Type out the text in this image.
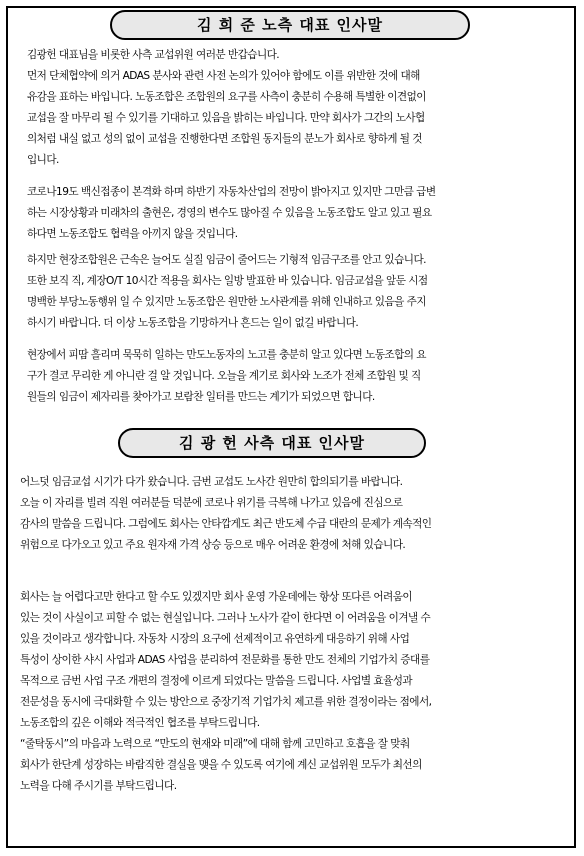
김 희 준 노측 대표 인사말
김광헌 대표님을 비롯한 사측 교섭위원 여러분 반갑습니다.
먼저 단체협약에 의거 ADAS 분사와 관련 사전 논의가 있어야 함에도 이를 위반한 것에 대해
유감을 표하는 바입니다. 노동조합은 조합원의 요구를 사측이 충분히 수용해 특별한 이견없이
교섭을 잘 마무리 될 수 있기를 기대하고 있음을 밝히는 바입니다. 만약 회사가 그간의 노사협
의처럼 내실 없고 성의 없이 교섭을 진행한다면 조합원 동지들의 분노가 회사로 향하게 될 것
입니다.
코로나19도 백신접종이 본격화 하며 하반기 자동차산업의 전망이 밝아지고 있지만 그만큼 급변
하는 시장상황과 미래차의 출현은, 경영의 변수도 많아질 수 있음을 노동조합도 알고 있고 필요
하다면 노동조합도 협력을 아끼지 않을 것입니다.
하지만 현장조합원은 근속은 늘어도 실질 임금이 줄어드는 기형적 임금구조를 안고 있습니다.
또한 보직 직, 계장O/T 10시간 적용을 회사는 일방 발표한 바 있습니다. 임금교섭을 앞둔 시점
명백한 부당노동행위 일 수 있지만 노동조합은 원만한 노사관계를 위해 인내하고 있음을 주지
하시기 바랍니다. 더 이상 노동조합을 기망하거나 흔드는 일이 없길 바랍니다.
현장에서 피땀 흘리며 묵묵히 일하는 만도노동자의 노고를 충분히 알고 있다면 노동조합의 요
구가 결코 무리한 게 아니란 걸 알 것입니다. 오늘을 계기로 회사와 노조가 전체 조합원 및 직
원들의 임금이 제자리를 찾아가고 보람찬 일터를 만드는 계기가 되었으면 합니다.
김 광 헌 사측 대표 인사말
어느덧 임금교섭 시기가 다가 왔습니다. 금번 교섭도 노사간 원만히 합의되기를 바랍니다.
오늘 이 자리를 빌려 직원 여러분들 덕분에 코로나 위기를 극복해 나가고 있음에 진심으로
감사의 말씀을 드립니다. 그럼에도 회사는 안타깝게도 최근 반도체 수급 대란의 문제가 계속적인
위험으로 다가오고 있고 주요 원자재 가격 상승 등으로 매우 어려운 환경에 처해 있습니다.
회사는 늘 어렵다고만 한다고 할 수도 있겠지만 회사 운영 가운데에는 항상 또다른 어려움이
있는 것이 사실이고 피할 수 없는 현실입니다. 그러나 노사가 같이 한다면 이 어려움을 이겨낼 수
있을 것이라고 생각합니다. 자동차 시장의 요구에 선제적이고 유연하게 대응하기 위해 사업
특성이 상이한 샤시 사업과 ADAS 사업을 분리하여 전문화를 통한 만도 전체의 기업가치 증대를
목적으로 금번 사업 구조 개편의 결정에 이르게 되었다는 말씀을 드립니다. 사업별 효율성과
전문성을 동시에 극대화할 수 있는 방안으로 중장기적 기업가치 제고를 위한 결정이라는 점에서,
노동조합의 깊은 이해와 적극적인 협조를 부탁드립니다.
“줄탁동시”의 마음과 노력으로 “만도의 현재와 미래”에 대해 함께 고민하고 호흡을 잘 맞춰
회사가 한단계 성장하는 바람직한 결실을 맺을 수 있도록 여기에 계신 교섭위원 모두가 최선의
노력을 다해 주시기를 부탁드립니다.
